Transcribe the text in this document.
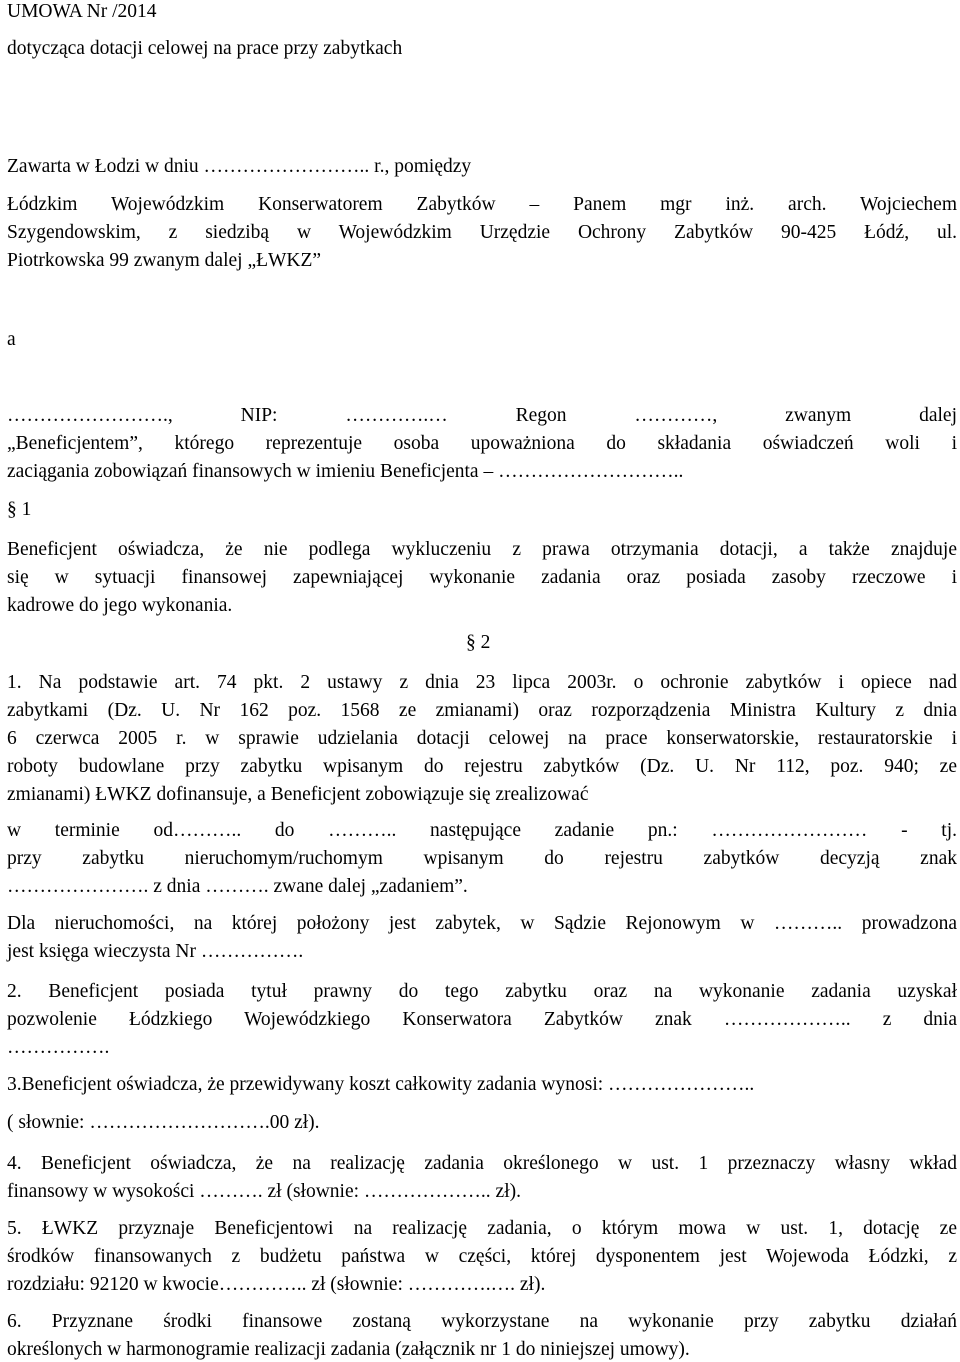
UMOWA Nr /2014
dotycząca dotacji celowej na prace przy zabytkach
Zawarta w Łodzi w dniu …………………….. r., pomiędzy
Łódzkim Wojewódzkim Konserwatorem Zabytków – Panem mgr inż. arch. Wojciechem
Szygendowskim, z siedzibą w Wojewódzkim Urzędzie Ochrony Zabytków 90-425 Łódź, ul.
Piotrkowska 99 zwanym dalej „ŁWKZ”
a
……………………., NIP: ………….… Regon …………, zwanym dalej
„Beneficjentem”, którego reprezentuje osoba upoważniona do składania oświadczeń woli i
zaciągania zobowiązań finansowych w imieniu Beneficjenta – ………………………..
§ 1
Beneficjent oświadcza, że nie podlega wykluczeniu z prawa otrzymania dotacji, a także znajduje
się w sytuacji finansowej zapewniającej wykonanie zadania oraz posiada zasoby rzeczowe i
kadrowe do jego wykonania.
§ 2
1. Na podstawie art. 74 pkt. 2 ustawy z dnia 23 lipca 2003r. o ochronie zabytków i opiece nad
zabytkami (Dz. U. Nr 162 poz. 1568 ze zmianami) oraz rozporządzenia Ministra Kultury z dnia
6 czerwca 2005 r. w sprawie udzielania dotacji celowej na prace konserwatorskie, restauratorskie i
roboty budowlane przy zabytku wpisanym do rejestru zabytków (Dz. U. Nr 112, poz. 940; ze
zmianami) ŁWKZ dofinansuje, a Beneficjent zobowiązuje się zrealizować
w terminie od……….. do ……….. następujące zadanie pn.: …………………… - tj.
przy zabytku nieruchomym/ruchomym wpisanym do rejestru zabytków decyzją znak
…………………. z dnia ………. zwane dalej „zadaniem”.
Dla nieruchomości, na której położony jest zabytek, w Sądzie Rejonowym w ……….. prowadzona
jest księga wieczysta Nr …………….
2. Beneficjent posiada tytuł prawny do tego zabytku oraz na wykonanie zadania uzyskał
pozwolenie Łódzkiego Wojewódzkiego Konserwatora Zabytków znak ……………….. z dnia
…………….
3.Beneficjent oświadcza, że przewidywany koszt całkowity zadania wynosi: …………………..
( słownie: ……………………….00 zł).
4. Beneficjent oświadcza, że na realizację zadania określonego w ust. 1 przeznaczy własny wkład
finansowy w wysokości ………. zł (słownie: ……………….. zł).
5. ŁWKZ przyznaje Beneficjentowi na realizację zadania, o którym mowa w ust. 1, dotację ze
środków finansowanych z budżetu państwa w części, której dysponentem jest Wojewoda Łódzki, z
rozdziału: 92120 w kwocie………….. zł (słownie: ………….…. zł).
6. Przyznane środki finansowe zostaną wykorzystane na wykonanie przy zabytku działań
określonych w harmonogramie realizacji zadania (załącznik nr 1 do niniejszej umowy).
